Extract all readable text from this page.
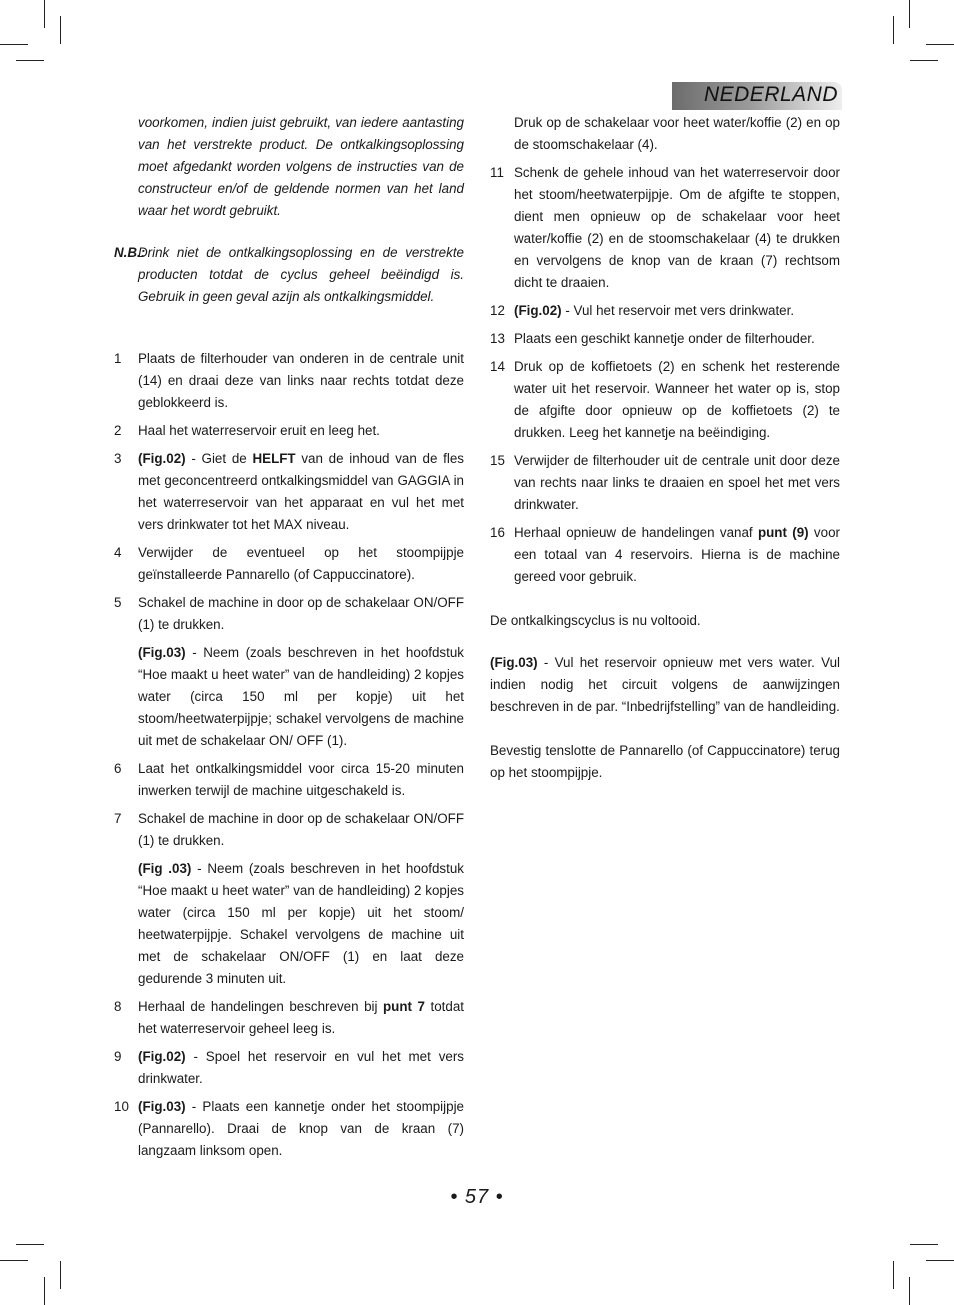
NEDERLAND

voorkomen, indien juist gebruikt, van iedere aantasting van het verstrekte product. De ontkalkingsoplossing moet afgedankt worden volgens de instructies van de constructeur en/of de geldende normen van het land waar het wordt gebruikt.

N.B.:
Drink niet de ontkalkingsoplossing en de verstrekte producten totdat de cyclus geheel beëindigd is. Gebruik in geen geval azijn als ontkalkingsmiddel.
1	Plaats de filterhouder van onderen in de centrale unit (14) en draai deze van links naar rechts totdat deze geblokkeerd is.
2	Haal het waterreservoir eruit en leeg het.
3	(Fig.02) - Giet de HELFT van de inhoud van de fles met geconcentreerd ontkalkingsmiddel van GAGGIA in het waterreservoir van het apparaat en vul het met vers drinkwater tot het MAX niveau.
4	Verwijder de eventueel op het stoompijpje geïnstalleerde Pannarello (of Cappuccinatore).
5	Schakel de machine in door op de schakelaar ON/OFF (1) te drukken.

(Fig.03) - Neem (zoals beschreven in het hoofdstuk “Hoe maakt u heet water” van de handleiding) 2 kopjes water (circa 150 ml per kopje) uit het stoom/heetwaterpijpje; schakel vervolgens de machine uit met de schakelaar ON/ OFF (1).

6	Laat het ontkalkingsmiddel voor circa 15-20 minuten inwerken terwijl de machine uitgeschakeld is.
7	Schakel de machine in door op de schakelaar ON/OFF (1) te drukken.

(Fig .03) - Neem (zoals beschreven in het hoofdstuk “Hoe maakt u heet water” van de handleiding) 2 kopjes water (circa 150 ml per kopje) uit het stoom/ heetwaterpijpje. Schakel vervolgens de machine uit met de schakelaar ON/OFF (1) en laat deze gedurende 3 minuten uit.

8	Herhaal de handelingen beschreven bij punt 7 totdat het waterreservoir geheel leeg is.
9	(Fig.02) - Spoel het reservoir en vul het met vers drinkwater.
10 (Fig.03) - Plaats een kannetje onder het stoompijpje (Pannarello). Draai de knop van de kraan (7) langzaam linksom open.

Druk op de schakelaar voor heet water/koffie (2) en op de stoomschakelaar (4).

11 Schenk de gehele inhoud van het waterreservoir door het stoom/heetwaterpijpje. Om de afgifte te stoppen, dient men opnieuw op de schakelaar voor heet water/koffie (2) en de stoomschakelaar (4) te drukken en vervolgens de knop van de kraan (7) rechtsom dicht te draaien.
12 (Fig.02) - Vul het reservoir met vers drinkwater.
13 Plaats een geschikt kannetje onder de filterhouder.
14 Druk op de koffietoets (2) en schenk het resterende water uit het reservoir. Wanneer het water op is, stop de afgifte door opnieuw op de koffietoets (2) te drukken. Leeg het kannetje na beëindiging.
15 Verwijder de filterhouder uit de centrale unit door deze van rechts naar links te draaien en spoel het met vers drinkwater.
16 Herhaal opnieuw de handelingen vanaf punt (9) voor een totaal van 4 reservoirs. Hierna is de machine gereed voor gebruik.

De ontkalkingscyclus is nu voltooid.

(Fig.03) - Vul het reservoir opnieuw met vers water. Vul indien nodig het circuit volgens de aanwijzingen beschreven in de par. “Inbedrijfstelling” van de handleiding.

Bevestig tenslotte de Pannarello (of Cappuccinatore) terug op het stoompijpje.

• 57 •
